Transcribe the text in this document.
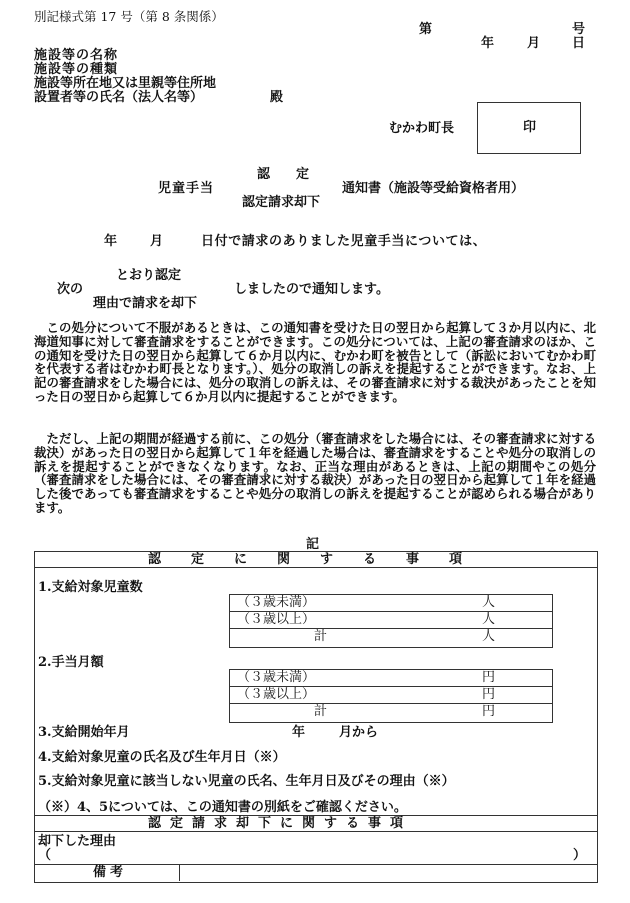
別記様式第 17 号（第 8 条関係）
第	号
年	月 日
施設等の名称
施設等の種類
施設等所在地又は里親等住所地
設置者等の氏名（法人名等）	殿
むかわ町長	印
認　　定
児童手当	通知書（施設等受給資格者用）
認定請求却下
年	月	日付で請求のありました児童手当については、
とおり認定
次の	しましたので通知します。
理由で請求を却下
　この処分について不服があるときは、この通知書を受けた日の翌日から起算して３か月以内に、北海道知事に対して審査請求をすることができます。この処分については、上記の審査請求のほか、この通知を受けた日の翌日から起算して６か月以内に、むかわ町を被告として（訴訟においてむかわ町を代表する者はむかわ町長となります。）、処分の取消しの訴えを提起することができます。なお、上記の審査請求をした場合には、処分の取消しの訴えは、その審査請求に対する裁決があったことを知った日の翌日から起算して６か月以内に提起することができます。
　ただし、上記の期間が経過する前に、この処分（審査請求をした場合には、その審査請求に対する裁決）があった日の翌日から起算して１年を経過した場合は、審査請求をすることや処分の取消しの訴えを提起することができなくなります。なお、正当な理由があるときは、上記の期間やこの処分（審査請求をした場合には、その審査請求に対する裁決）があった日の翌日から起算して１年を経過した後であっても審査請求をすることや処分の取消しの訴えを提起することが認められる場合があります。
記
認定に関する事項
1.支給対象児童数
（３歳未満）	人
（３歳以上）	人
計	人
2.手当月額
（３歳未満）	円
（３歳以上）	円
計	円
3.支給開始年月	年	月から
4.支給対象児童の氏名及び生年月日（※）
5.支給対象児童に該当しない児童の氏名、生年月日及びその理由（※）
（※）4、5については、この通知書の別紙をご確認ください。
認定請求却下に関する事項
却下した理由
（	）
備考
